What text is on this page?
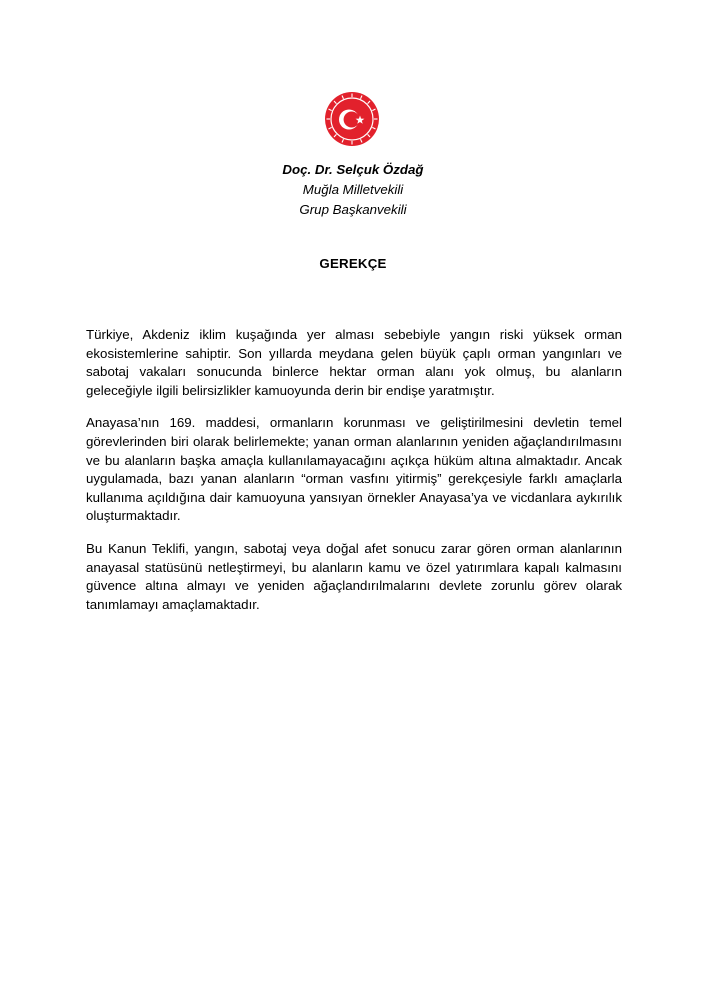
Doç. Dr. Selçuk Özdağ
Muğla Milletvekili
Grup Başkanvekili
GEREKÇE

Türkiye, Akdeniz iklim kuşağında yer alması sebebiyle yangın riski yüksek orman ekosistemlerine sahiptir. Son yıllarda meydana gelen büyük çaplı orman yangınları ve sabotaj vakaları sonucunda binlerce hektar orman alanı yok olmuş, bu alanların geleceğiyle ilgili belirsizlikler kamuoyunda derin bir endişe yaratmıştır.

Anayasa’nın 169. maddesi, ormanların korunması ve geliştirilmesini devletin temel görevlerinden biri olarak belirlemekte; yanan orman alanlarının yeniden ağaçlandırılmasını ve bu alanların başka amaçla kullanılamayacağını açıkça hüküm altına almaktadır. Ancak uygulamada, bazı yanan alanların “orman vasfını yitirmiş” gerekçesiyle farklı amaçlarla kullanıma açıldığına dair kamuoyuna yansıyan örnekler Anayasa’ya ve vicdanlara aykırılık oluşturmaktadır.

Bu Kanun Teklifi, yangın, sabotaj veya doğal afet sonucu zarar gören orman alanlarının anayasal statüsünü netleştirmeyi, bu alanların kamu ve özel yatırımlara kapalı kalmasını güvence altına almayı ve yeniden ağaçlandırılmalarını devlete zorunlu görev olarak tanımlamayı amaçlamaktadır.
